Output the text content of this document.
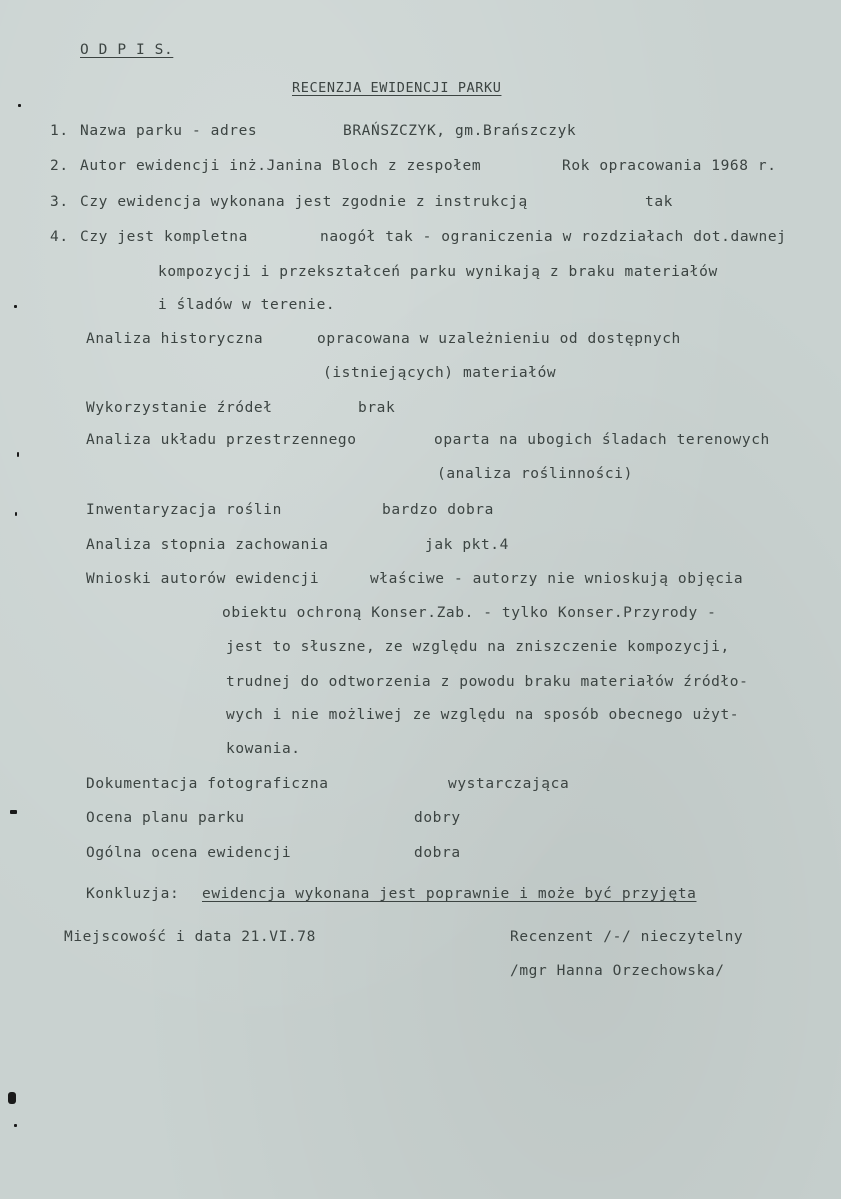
O D P I S.
RECENZJA EWIDENCJI PARKU
1. Nazwa parku - adres	BRAŃSZCZYK, gm.Brańszczyk
2. Autor ewidencji inż.Janina Bloch z zespołem	Rok opracowania 1968 r.
3. Czy ewidencja wykonana jest zgodnie z instrukcją	tak
4. Czy jest kompletna	naogół tak - ograniczenia w rozdziałach dot.dawnej
kompozycji i przekształceń parku wynikają z braku materiałów
i śladów w terenie.
Analiza historyczna	opracowana w uzależnieniu od dostępnych
(istniejących) materiałów
Wykorzystanie źródeł	brak
Analiza układu przestrzennego	oparta na ubogich śladach terenowych
(analiza roślinności)
Inwentaryzacja roślin	bardzo dobra
Analiza stopnia zachowania	jak pkt.4
Wnioski autorów ewidencji	właściwe - autorzy nie wnioskują objęcia
obiektu ochroną Konser.Zab. - tylko Konser.Przyrody -
jest to słuszne, ze względu na zniszczenie kompozycji,
trudnej do odtworzenia z powodu braku materiałów źródło-
wych i nie możliwej ze względu na sposób obecnego użyt-
kowania.
Dokumentacja fotograficzna	wystarczająca
Ocena planu parku	dobry
Ogólna ocena ewidencji	dobra
Konkluzja: ewidencja wykonana jest poprawnie i może być przyjęta
Miejscowość i data 21.VI.78	Recenzent /-/ nieczytelny
/mgr Hanna Orzechowska/
